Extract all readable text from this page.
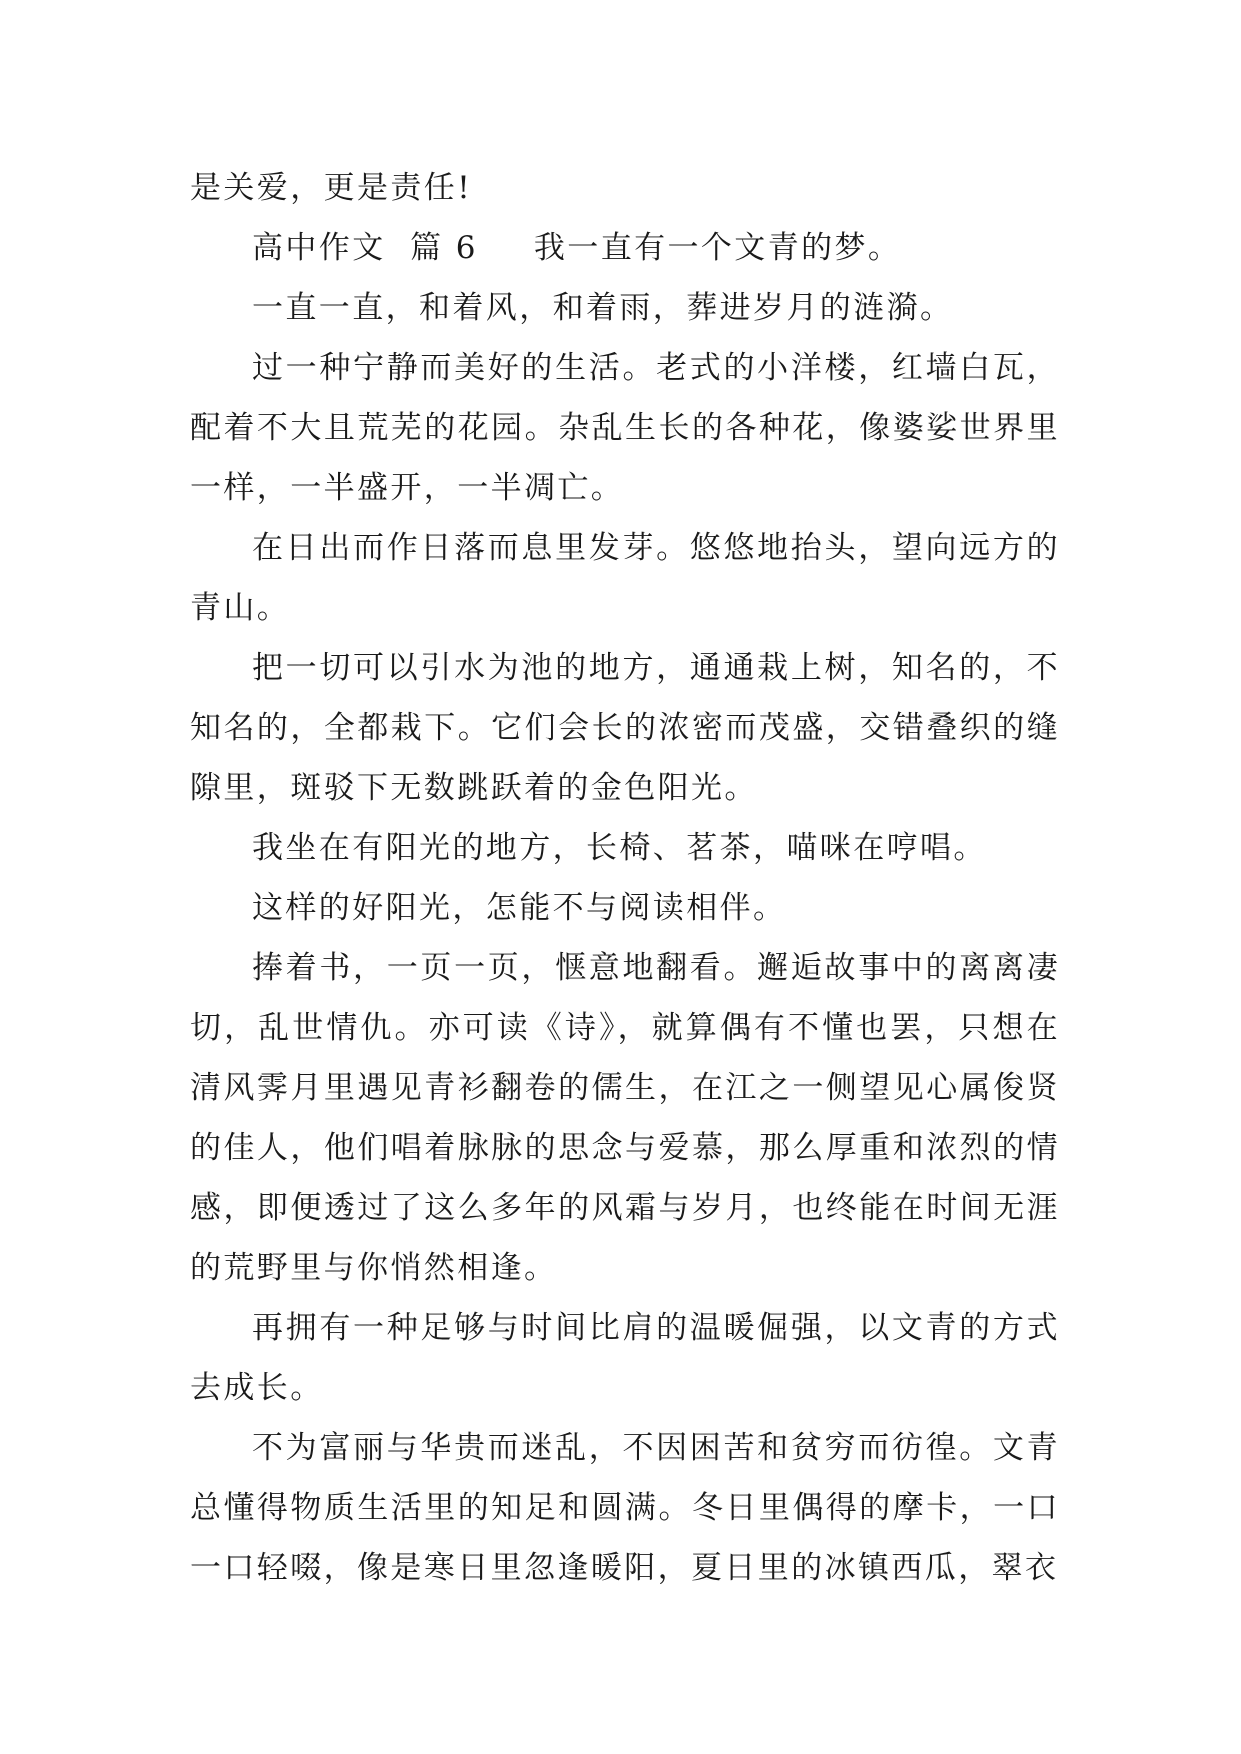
是关爱，更是责任!

高中作文  篇 6 我一直有一个文青的梦。

一直一直，和着风，和着雨，葬进岁月的涟漪。

过一种宁静而美好的生活。老式的小洋楼，红墙白瓦，配着不大且荒芜的花园。杂乱生长的各种花，像婆娑世界里一样，一半盛开，一半凋亡。

在日出而作日落而息里发芽。悠悠地抬头，望向远方的青山。

把一切可以引水为池的地方，通通栽上树，知名的，不知名的，全都栽下。它们会长的浓密而茂盛，交错叠织的缝隙里，斑驳下无数跳跃着的金色阳光。

我坐在有阳光的地方，长椅、茗茶，喵咪在哼唱。

这样的好阳光，怎能不与阅读相伴。

捧着书，一页一页，惬意地翻看。邂逅故事中的离离凄切，乱世情仇。亦可读《诗》，就算偶有不懂也罢，只想在清风霁月里遇见青衫翻卷的儒生，在江之一侧望见心属俊贤的佳人，他们唱着脉脉的思念与爱慕，那么厚重和浓烈的情感，即便透过了这么多年的风霜与岁月，也终能在时间无涯的荒野里与你悄然相逢。

再拥有一种足够与时间比肩的温暖倔强，以文青的方式去成长。

不为富丽与华贵而迷乱，不因困苦和贫穷而彷徨。文青总懂得物质生活里的知足和圆满。冬日里偶得的摩卡，一口一口轻啜，像是寒日里忽逢暖阳，夏日里的冰镇西瓜，翠衣
